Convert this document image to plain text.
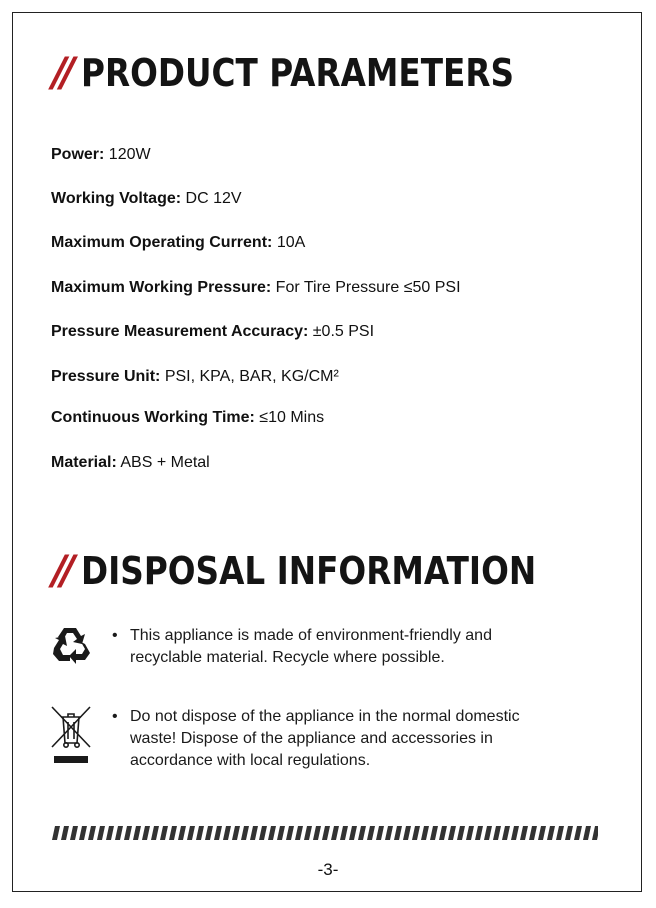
// PRODUCT PARAMETERS
Power: 120W
Working Voltage: DC 12V
Maximum Operating Current: 10A
Maximum Working Pressure: For Tire Pressure ≤50 PSI
Pressure Measurement Accuracy: ±0.5 PSI
Pressure Unit: PSI, KPA, BAR, KG/CM²
Continuous Working Time: ≤10 Mins
Material: ABS + Metal
// DISPOSAL INFORMATION
• This appliance is made of environment-friendly and
recyclable material. Recycle where possible.
• Do not dispose of the appliance in the normal domestic
waste! Dispose of the appliance and accessories in
accordance with local regulations.
-3-
